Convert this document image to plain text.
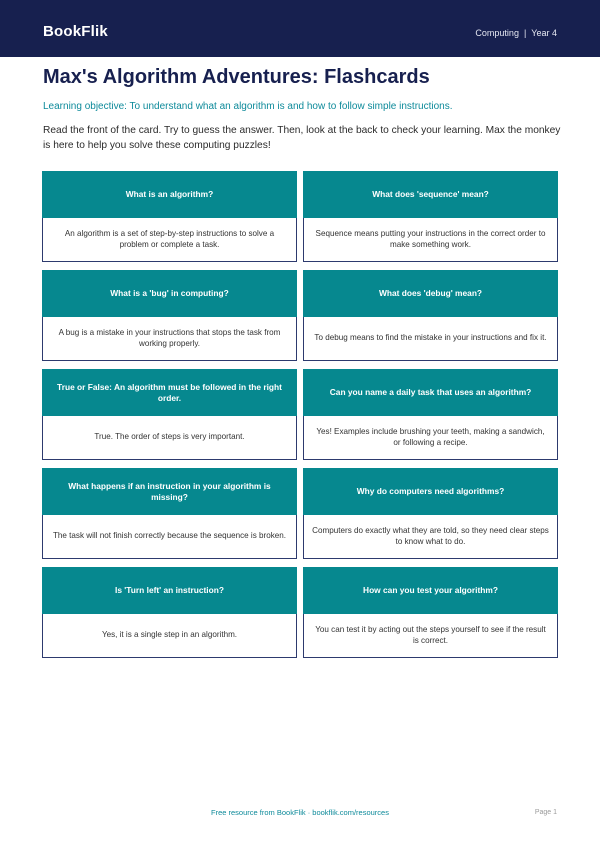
BookFlik	Computing | Year 4
Max's Algorithm Adventures: Flashcards
Learning objective: To understand what an algorithm is and how to follow simple instructions.
Read the front of the card. Try to guess the answer. Then, look at the back to check your learning. Max the monkey is here to help you solve these computing puzzles!
What is an algorithm?
An algorithm is a set of step-by-step instructions to solve a problem or complete a task.
What does 'sequence' mean?
Sequence means putting your instructions in the correct order to make something work.
What is a 'bug' in computing?
A bug is a mistake in your instructions that stops the task from working properly.
What does 'debug' mean?
To debug means to find the mistake in your instructions and fix it.
True or False: An algorithm must be followed in the right order.
True. The order of steps is very important.
Can you name a daily task that uses an algorithm?
Yes! Examples include brushing your teeth, making a sandwich, or following a recipe.
What happens if an instruction in your algorithm is missing?
The task will not finish correctly because the sequence is broken.
Why do computers need algorithms?
Computers do exactly what they are told, so they need clear steps to know what to do.
Is 'Turn left' an instruction?
Yes, it is a single step in an algorithm.
How can you test your algorithm?
You can test it by acting out the steps yourself to see if the result is correct.
Free resource from BookFlik · bookflik.com/resources	Page 1
